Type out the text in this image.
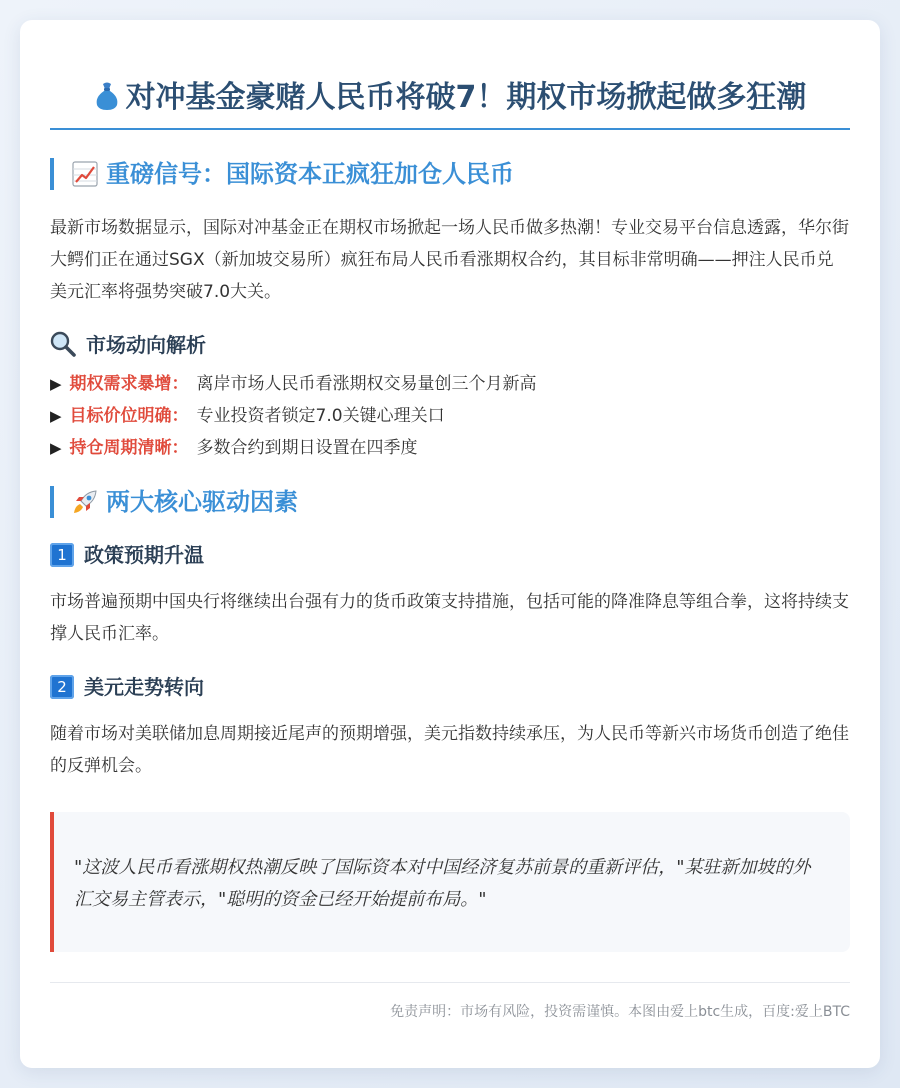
对冲基金豪赌人民币将破7！期权市场掀起做多狂潮
重磅信号：国际资本正疯狂加仓人民币

最新市场数据显示，国际对冲基金正在期权市场掀起一场人民币做多热潮！专业交易平台信息透露，华尔街大鳄们正在通过SGX（新加坡交易所）疯狂布局人民币看涨期权合约，其目标非常明确——押注人民币兑美元汇率将强势突破7.0大关。

市场动向解析
▶ 期权需求暴增： 离岸市场人民币看涨期权交易量创三个月新高
▶ 目标价位明确： 专业投资者锁定7.0关键心理关口
▶ 持仓周期清晰： 多数合约到期日设置在四季度
两大核心驱动因素
1 政策预期升温

市场普遍预期中国央行将继续出台强有力的货币政策支持措施，包括可能的降准降息等组合拳，这将持续支撑人民币汇率。

2 美元走势转向

随着市场对美联储加息周期接近尾声的预期增强，美元指数持续承压，为人民币等新兴市场货币创造了绝佳的反弹机会。

"这波人民币看涨期权热潮反映了国际资本对中国经济复苏前景的重新评估，"某驻新加坡的外汇交易主管表示，"聪明的资金已经开始提前布局。"
免责声明：市场有风险，投资需谨慎。本图由爱上btc生成，百度:爱上BTC
